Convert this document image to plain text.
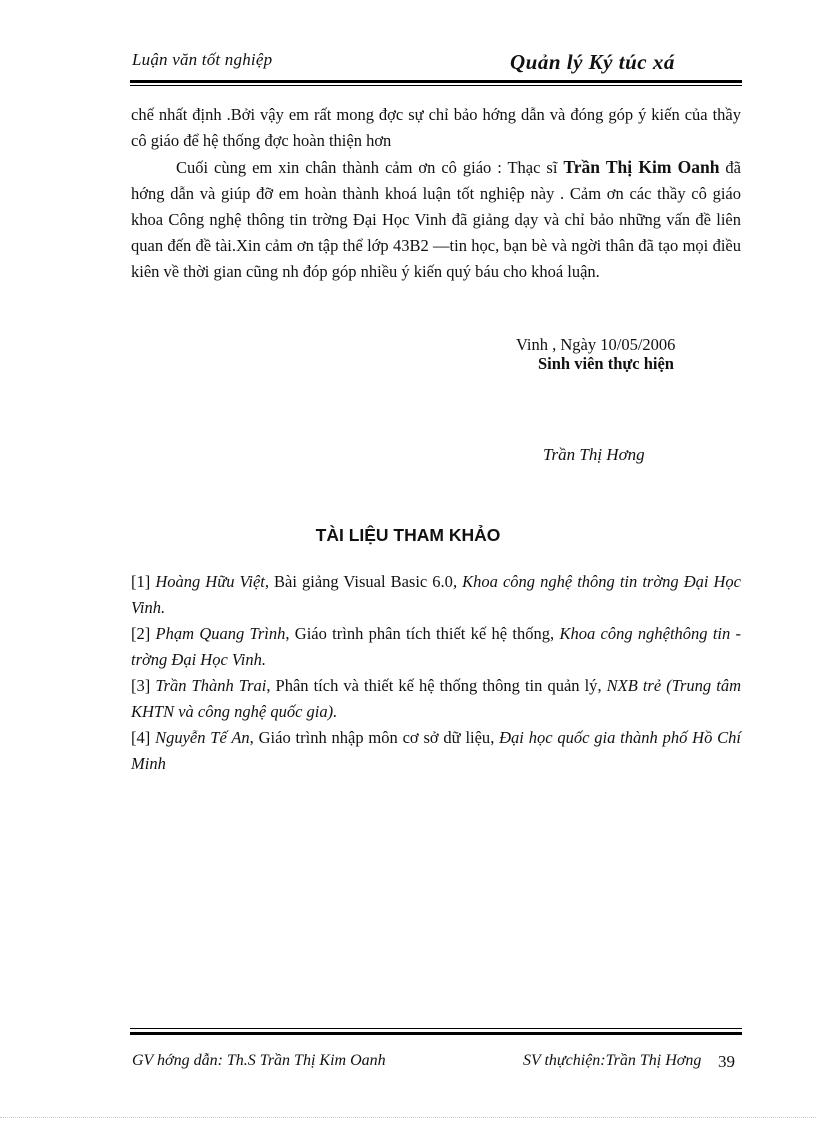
Luận văn tốt nghiệp	Quản lý Ký túc xá
chế nhất định .Bởi vậy em rất mong đợc sự chỉ bảo hớng dẫn và đóng góp ý kiến của thầy cô giáo để hệ thống đợc hoàn thiện hơn
Cuối cùng em xin chân thành cảm ơn cô giáo : Thạc sĩ Trần Thị Kim Oanh đã hớng dẫn và giúp đỡ em hoàn thành khoá luận tốt nghiệp này . Cảm ơn các thầy cô giáo khoa Công nghệ thông tin trờng Đại Học Vinh đã giảng dạy và chỉ bảo những vấn đề liên quan đến đề tài.Xin cảm ơn tập thể lớp 43B2 —tin học, bạn bè và ngời thân đã tạo mọi điều kiên về thời gian cũng nh đóp góp nhiều ý kiến quý báu cho khoá luận.
Vinh , Ngày 10/05/2006
Sinh viên thực hiện
Trần Thị Hơng
TÀI LIỆU THAM KHẢO
[1] Hoàng Hữu Việt, Bài giảng Visual Basic 6.0, Khoa công nghệ thông tin trờng Đại Học Vinh.
[2] Phạm Quang Trình, Giáo trình phân tích thiết kế hệ thống, Khoa công nghệthông tin - trờng Đại Học Vinh.
[3] Trần Thành Trai, Phân tích và thiết kế hệ thống thông tin quản lý, NXB trẻ (Trung tâm KHTN và công nghệ quốc gia).
[4] Nguyễn Tế An, Giáo trình nhập môn cơ sở dữ liệu, Đại học quốc gia thành phố Hồ Chí Minh
GV hớng dẫn: Th.S Trần Thị Kim Oanh	SV thựchiện:Trần Thị Hơng 39
